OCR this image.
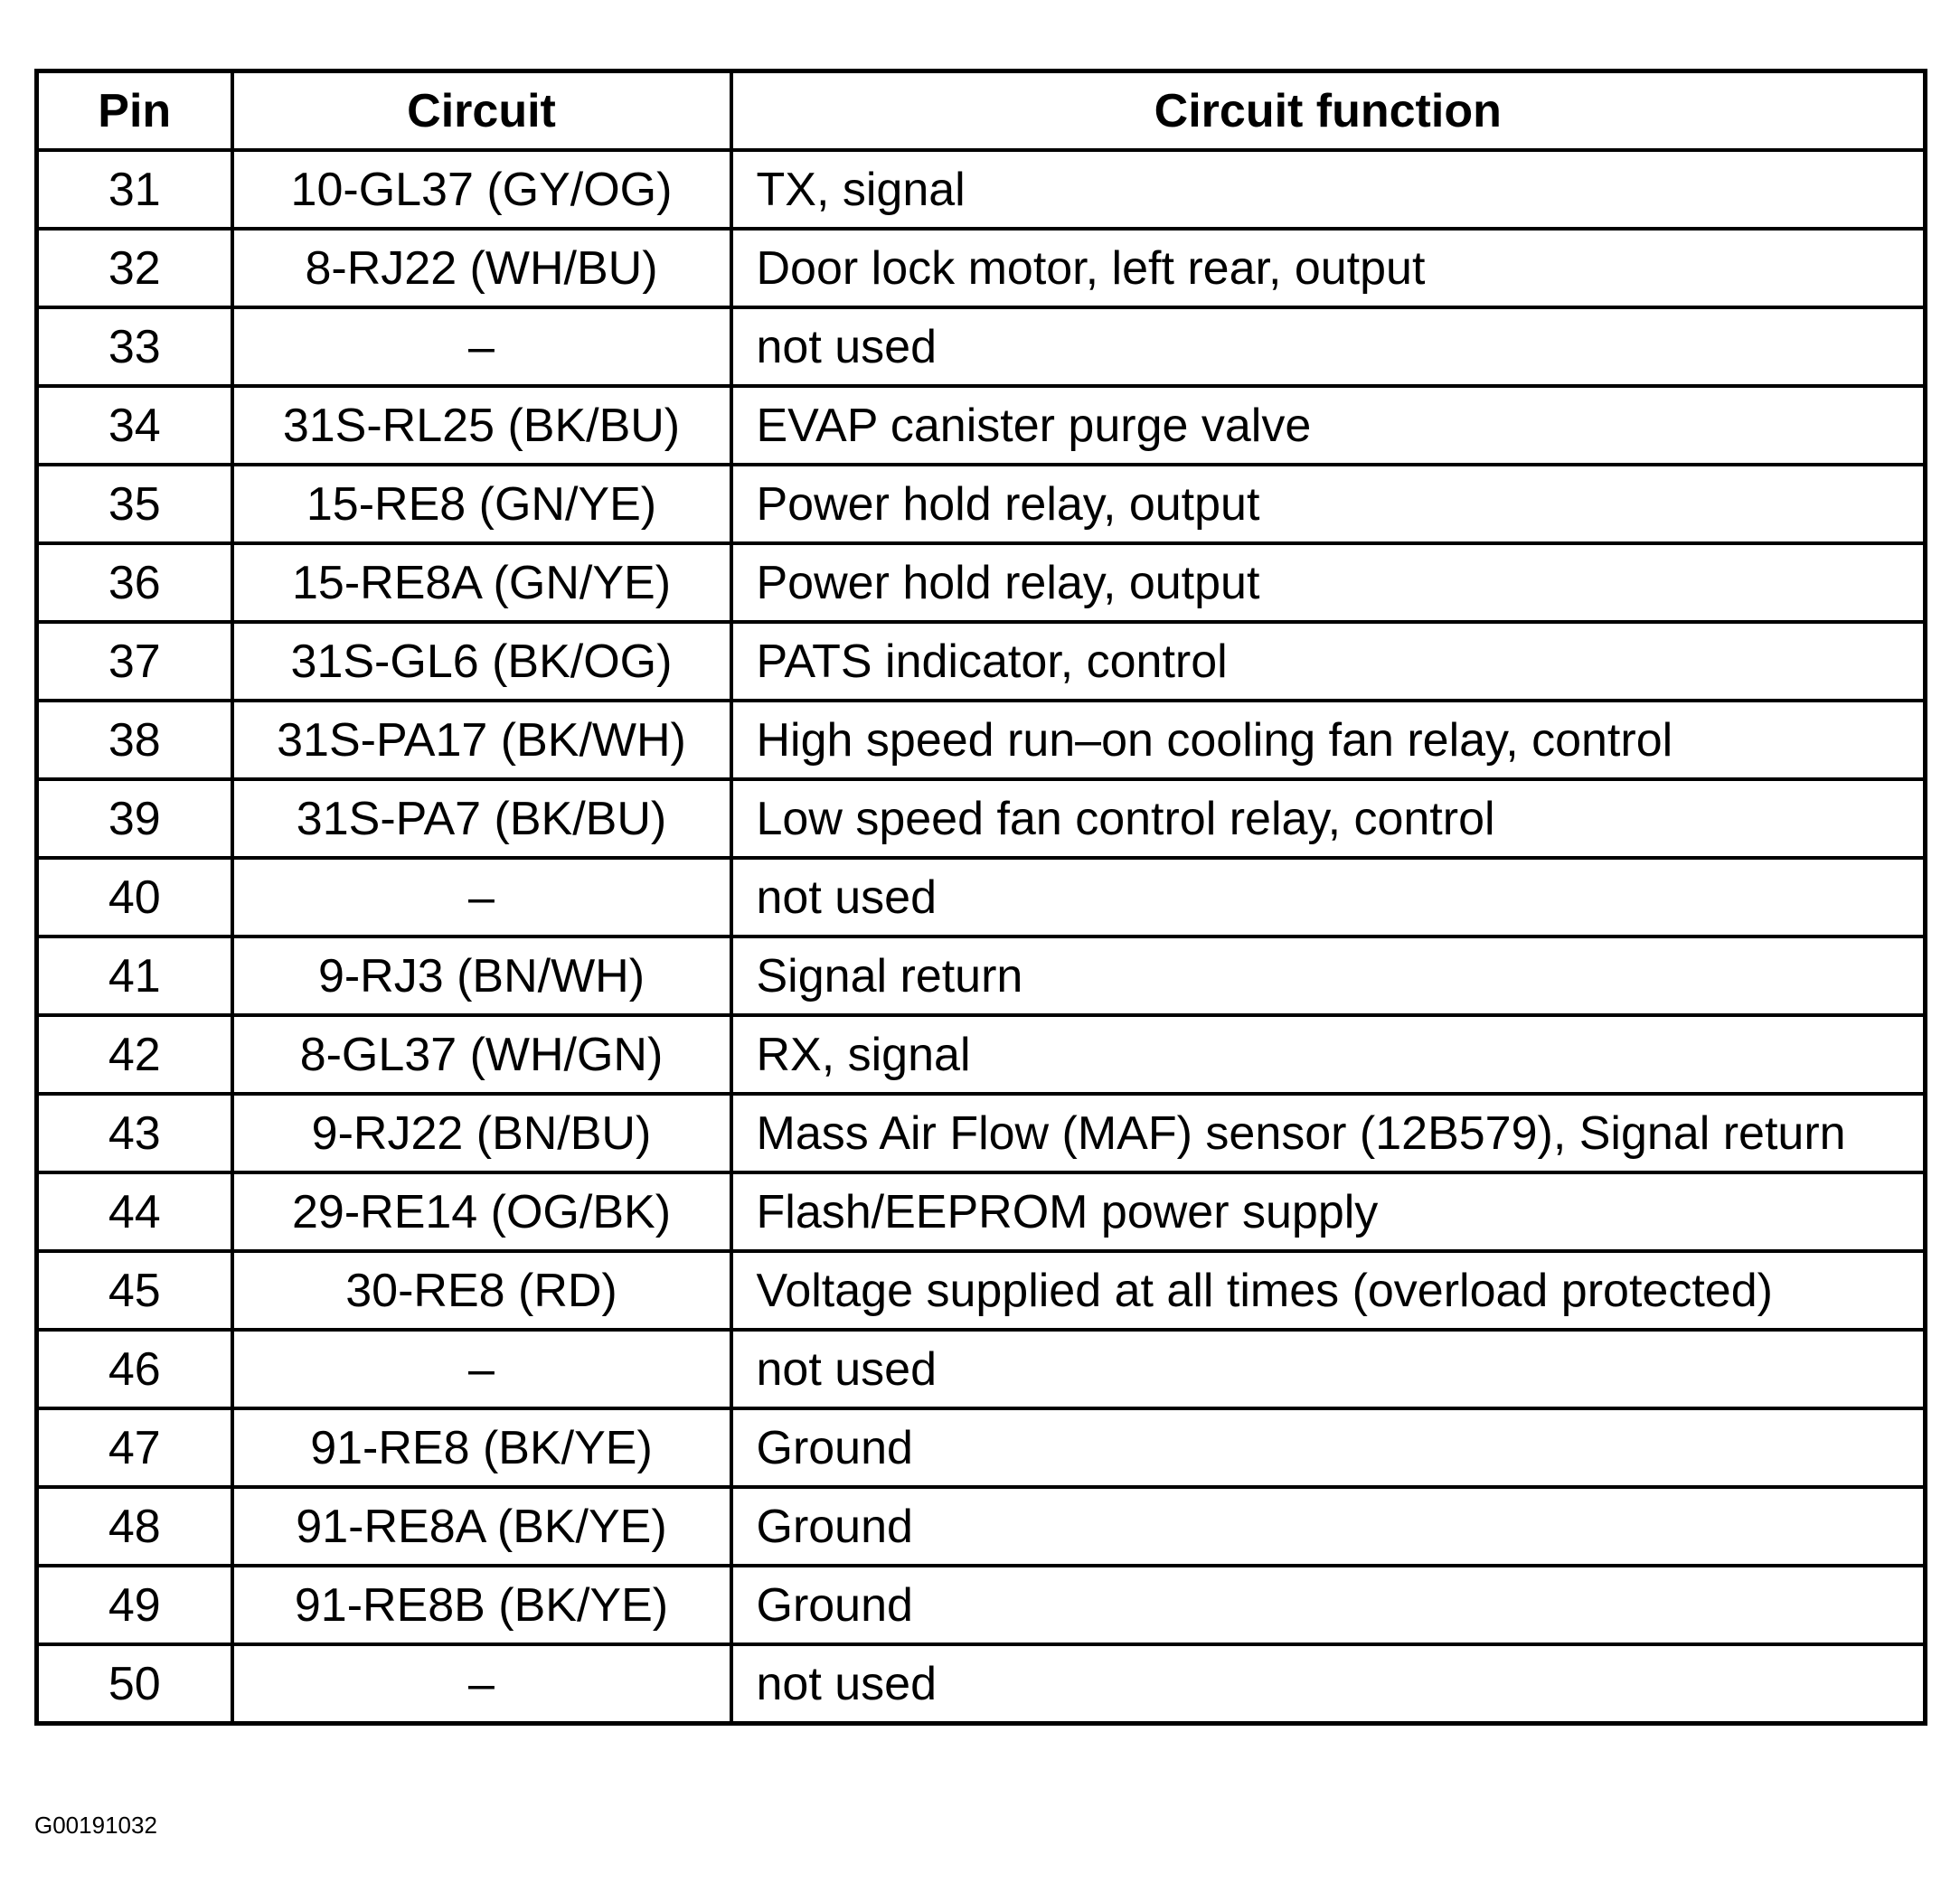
Pin	Circuit	Circuit function
31	10-GL37 (GY/OG)	TX, signal
32	8-RJ22 (WH/BU)	Door lock motor, left rear, output
33	–	not used
34	31S-RL25 (BK/BU)	EVAP canister purge valve
35	15-RE8 (GN/YE)	Power hold relay, output
36	15-RE8A (GN/YE)	Power hold relay, output
37	31S-GL6 (BK/OG)	PATS indicator, control
38	31S-PA17 (BK/WH)	High speed run–on cooling fan relay, control
39	31S-PA7 (BK/BU)	Low speed fan control relay, control
40	–	not used
41	9-RJ3 (BN/WH)	Signal return
42	8-GL37 (WH/GN)	RX, signal
43	9-RJ22 (BN/BU)	Mass Air Flow (MAF) sensor (12B579), Signal return
44	29-RE14 (OG/BK)	Flash/EEPROM power supply
45	30-RE8 (RD)	Voltage supplied at all times (overload protected)
46	–	not used
47	91-RE8 (BK/YE)	Ground
48	91-RE8A (BK/YE)	Ground
49	91-RE8B (BK/YE)	Ground
50	–	not used
G00191032
